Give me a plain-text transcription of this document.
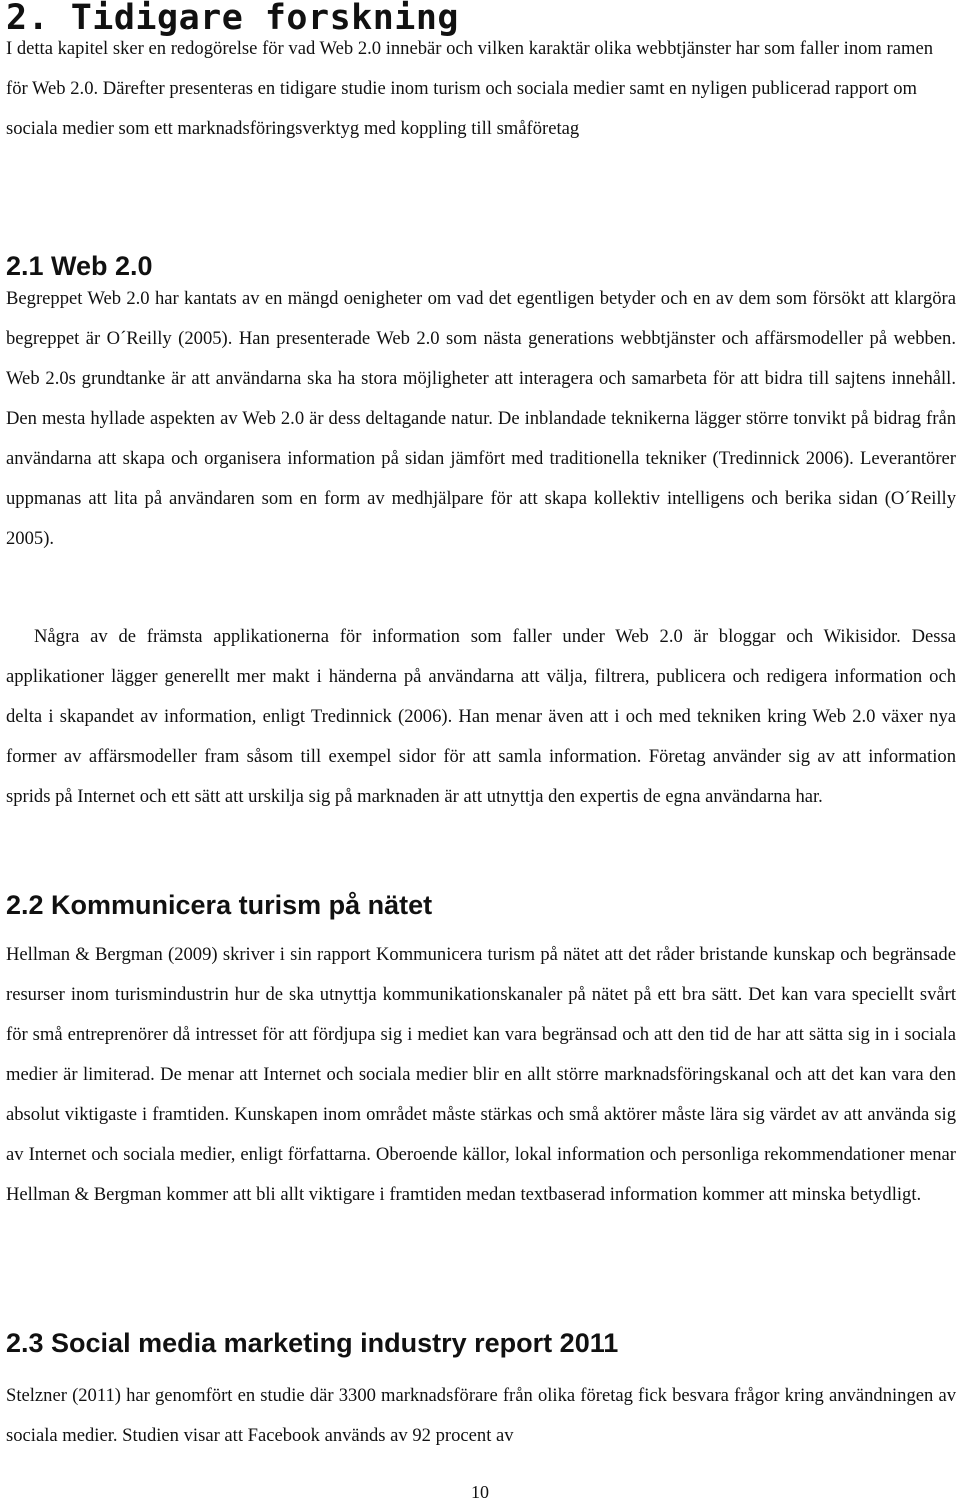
2. Tidigare forskning

I detta kapitel sker en redogörelse för vad Web 2.0 innebär och vilken karaktär olika webbtjänster har som faller inom ramen för Web 2.0. Därefter presenteras en tidigare studie inom turism och sociala medier samt en nyligen publicerad rapport om sociala medier som ett marknadsföringsverktyg med koppling till småföretag

2.1 Web 2.0

Begreppet Web 2.0 har kantats av en mängd oenigheter om vad det egentligen betyder och en av dem som försökt att klargöra begreppet är O´Reilly (2005). Han presenterade Web 2.0 som nästa generations webbtjänster och affärsmodeller på webben. Web 2.0s grundtanke är att användarna ska ha stora möjligheter att interagera och samarbeta för att bidra till sajtens innehåll. Den mesta hyllade aspekten av Web 2.0 är dess deltagande natur. De inblandade teknikerna lägger större tonvikt på bidrag från användarna att skapa och organisera information på sidan jämfört med traditionella tekniker (Tredinnick 2006). Leverantörer uppmanas att lita på användaren som en form av medhjälpare för att skapa kollektiv intelligens och berika sidan (O´Reilly 2005).

Några av de främsta applikationerna för information som faller under Web 2.0 är bloggar och Wikisidor. Dessa applikationer lägger generellt mer makt i händerna på användarna att välja, filtrera, publicera och redigera information och delta i skapandet av information, enligt Tredinnick (2006). Han menar även att i och med tekniken kring Web 2.0 växer nya former av affärsmodeller fram såsom till exempel sidor för att samla information. Företag använder sig av att information sprids på Internet och ett sätt att urskilja sig på marknaden är att utnyttja den expertis de egna användarna har.

2.2 Kommunicera turism på nätet

Hellman & Bergman (2009) skriver i sin rapport Kommunicera turism på nätet att det råder bristande kunskap och begränsade resurser inom turismindustrin hur de ska utnyttja kommunikationskanaler på nätet på ett bra sätt. Det kan vara speciellt svårt för små entreprenörer då intresset för att fördjupa sig i mediet kan vara begränsad och att den tid de har att sätta sig in i sociala medier är limiterad. De menar att Internet och sociala medier blir en allt större marknadsföringskanal och att det kan vara den absolut viktigaste i framtiden. Kunskapen inom området måste stärkas och små aktörer måste lära sig värdet av att använda sig av Internet och sociala medier, enligt författarna. Oberoende källor, lokal information och personliga rekommendationer menar Hellman & Bergman kommer att bli allt viktigare i framtiden medan textbaserad information kommer att minska betydligt.

2.3 Social media marketing industry report 2011

Stelzner (2011) har genomfört en studie där 3300 marknadsförare från olika företag fick besvara frågor kring användningen av sociala medier. Studien visar att Facebook används av 92 procent av

10
